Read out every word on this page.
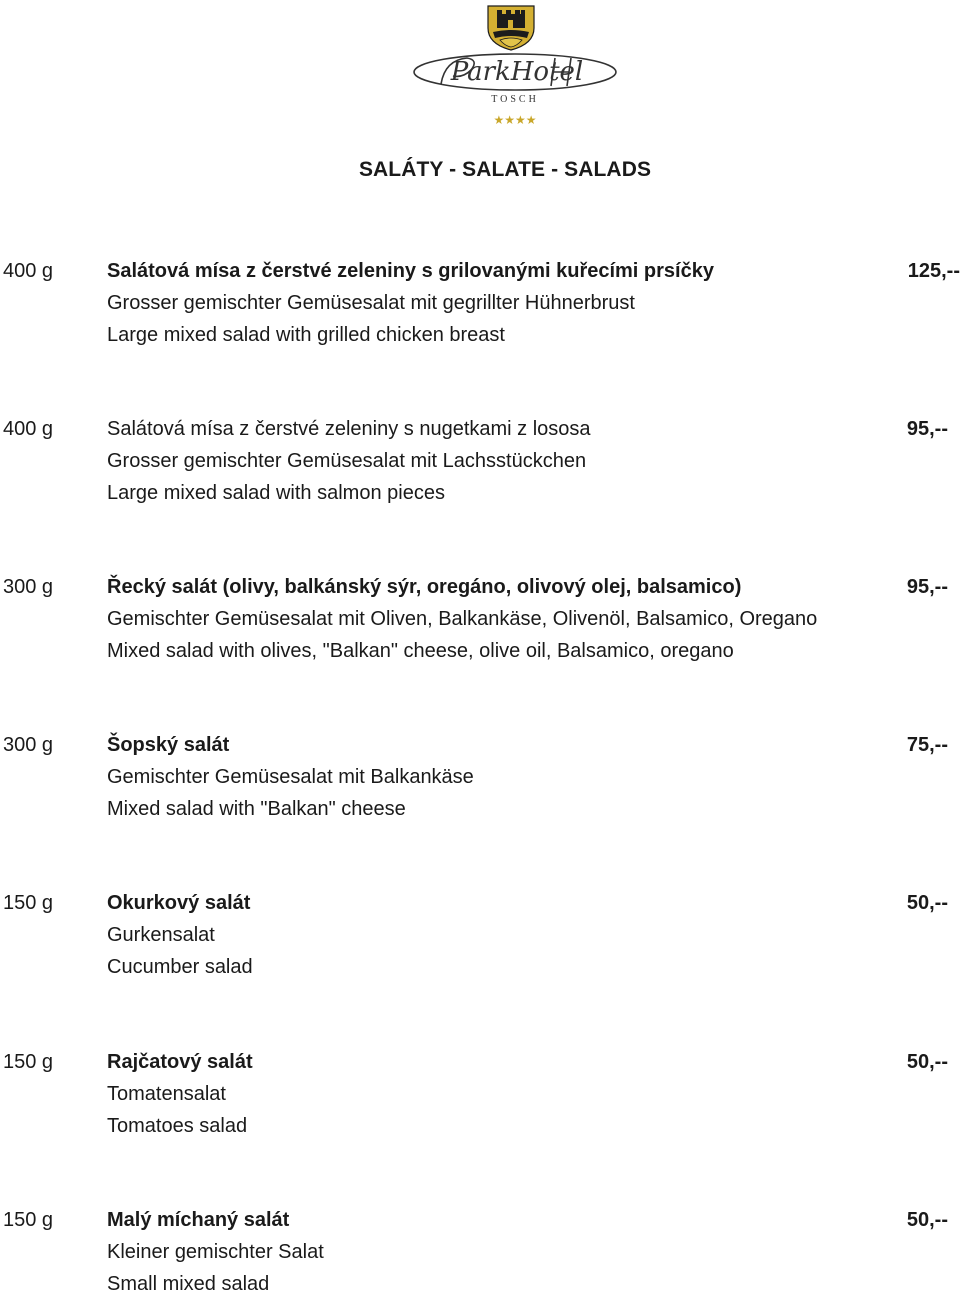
ParkHotel
TOSCH
★★★★
SALÁTY - SALATE - SALADS
400 g	Salátová mísa z čerstvé zeleniny s grilovanými kuřecími prsíčky
Grosser gemischter Gemüsesalat mit gegrillter Hühnerbrust
Large mixed salad with grilled chicken breast
125,--
400 g	Salátová mísa z čerstvé zeleniny s nugetkami z lososa
Grosser gemischter Gemüsesalat mit Lachsstückchen
Large mixed salad with salmon pieces
95,--
300 g	Řecký salát (olivy, balkánský sýr, oregáno, olivový olej, balsamico)
Gemischter Gemüsesalat mit Oliven, Balkankäse, Olivenöl, Balsamico, Oregano
Mixed salad with olives, "Balkan" cheese, olive oil, Balsamico, oregano
95,--
300 g	Šopský salát
Gemischter Gemüsesalat mit Balkankäse
Mixed salad with "Balkan" cheese
75,--
150 g	Okurkový salát
Gurkensalat
Cucumber salad
50,--
150 g	Rajčatový salát
Tomatensalat
Tomatoes salad
50,--
150 g	Malý míchaný salát
Kleiner gemischter Salat
Small mixed salad
50,--
